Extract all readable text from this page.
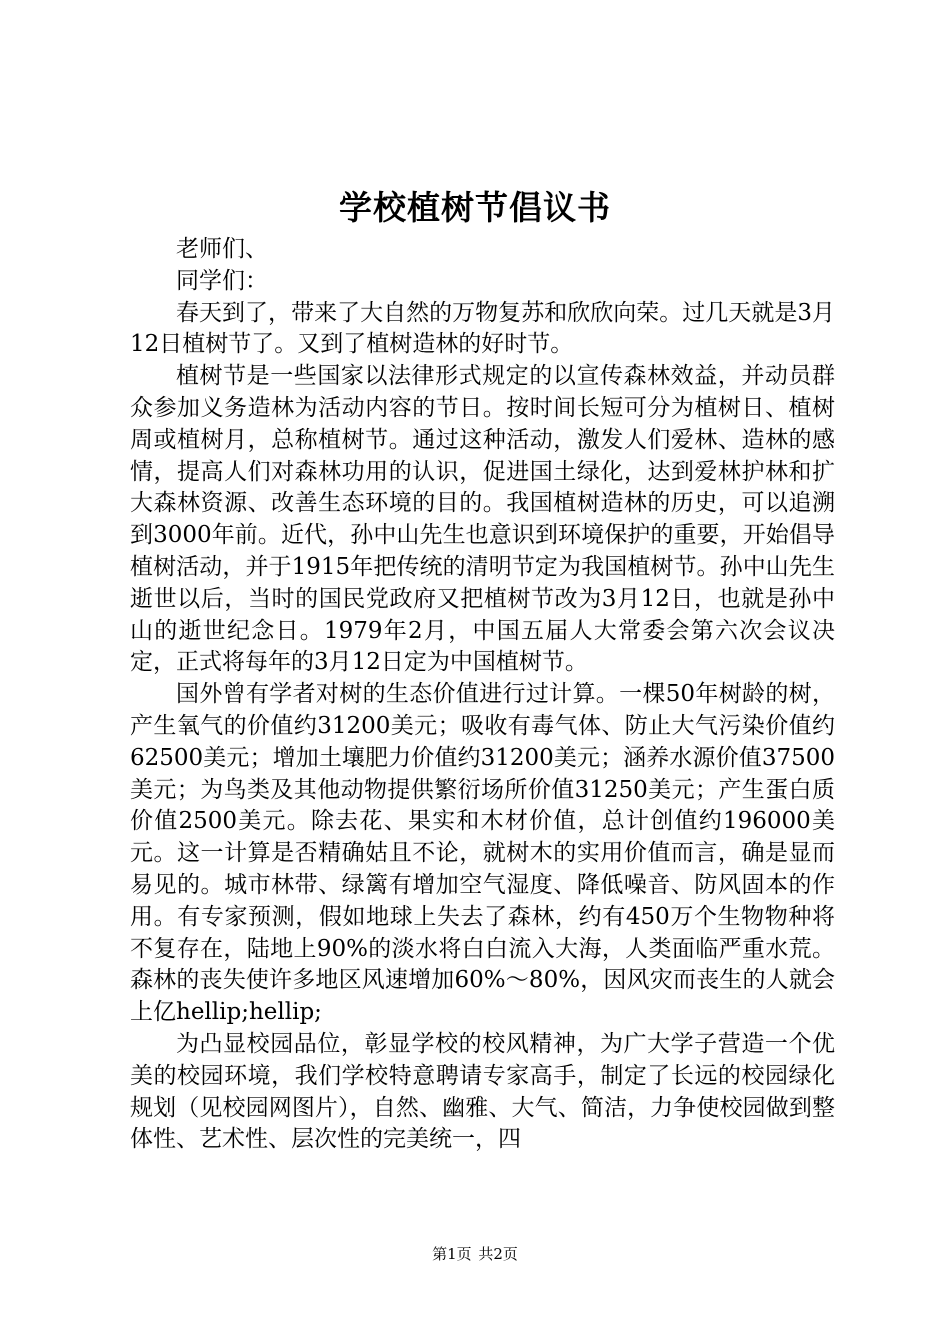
学校植树节倡议书
老师们、
同学们：

春天到了，带来了大自然的万物复苏和欣欣向荣。过几天就是3月12日植树节了。又到了植树造林的好时节。

植树节是一些国家以法律形式规定的以宣传森林效益，并动员群众参加义务造林为活动内容的节日。按时间长短可分为植树日、植树周或植树月，总称植树节。通过这种活动，激发人们爱林、造林的感情，提高人们对森林功用的认识，促进国土绿化，达到爱林护林和扩大森林资源、改善生态环境的目的。我国植树造林的历史，可以追溯到3000年前。近代，孙中山先生也意识到环境保护的重要，开始倡导植树活动，并于1915年把传统的清明节定为我国植树节。孙中山先生逝世以后，当时的国民党政府又把植树节改为3月12日，也就是孙中山的逝世纪念日。1979年2月，中国五届人大常委会第六次会议决定，正式将每年的3月12日定为中国植树节。

国外曾有学者对树的生态价值进行过计算。一棵50年树龄的树，产生氧气的价值约31200美元；吸收有毒气体、防止大气污染价值约62500美元；增加土壤肥力价值约31200美元；涵养水源价值37500美元；为鸟类及其他动物提供繁衍场所价值31250美元；产生蛋白质价值2500美元。除去花、果实和木材价值，总计创值约196000美元。这一计算是否精确姑且不论，就树木的实用价值而言，确是显而易见的。城市林带、绿篱有增加空气湿度、降低噪音、防风固本的作用。有专家预测，假如地球上失去了森林，约有450万个生物物种将不复存在，陆地上90%的淡水将白白流入大海，人类面临严重水荒。森林的丧失使许多地区风速增加60%～80%，因风灾而丧生的人就会上亿hellip;hellip;

为凸显校园品位，彰显学校的校风精神，为广大学子营造一个优美的校园环境，我们学校特意聘请专家高手，制定了长远的校园绿化规划（见校园网图片），自然、幽雅、大气、简洁，力争使校园做到整体性、艺术性、层次性的完美统一，四

第1页 共2页
